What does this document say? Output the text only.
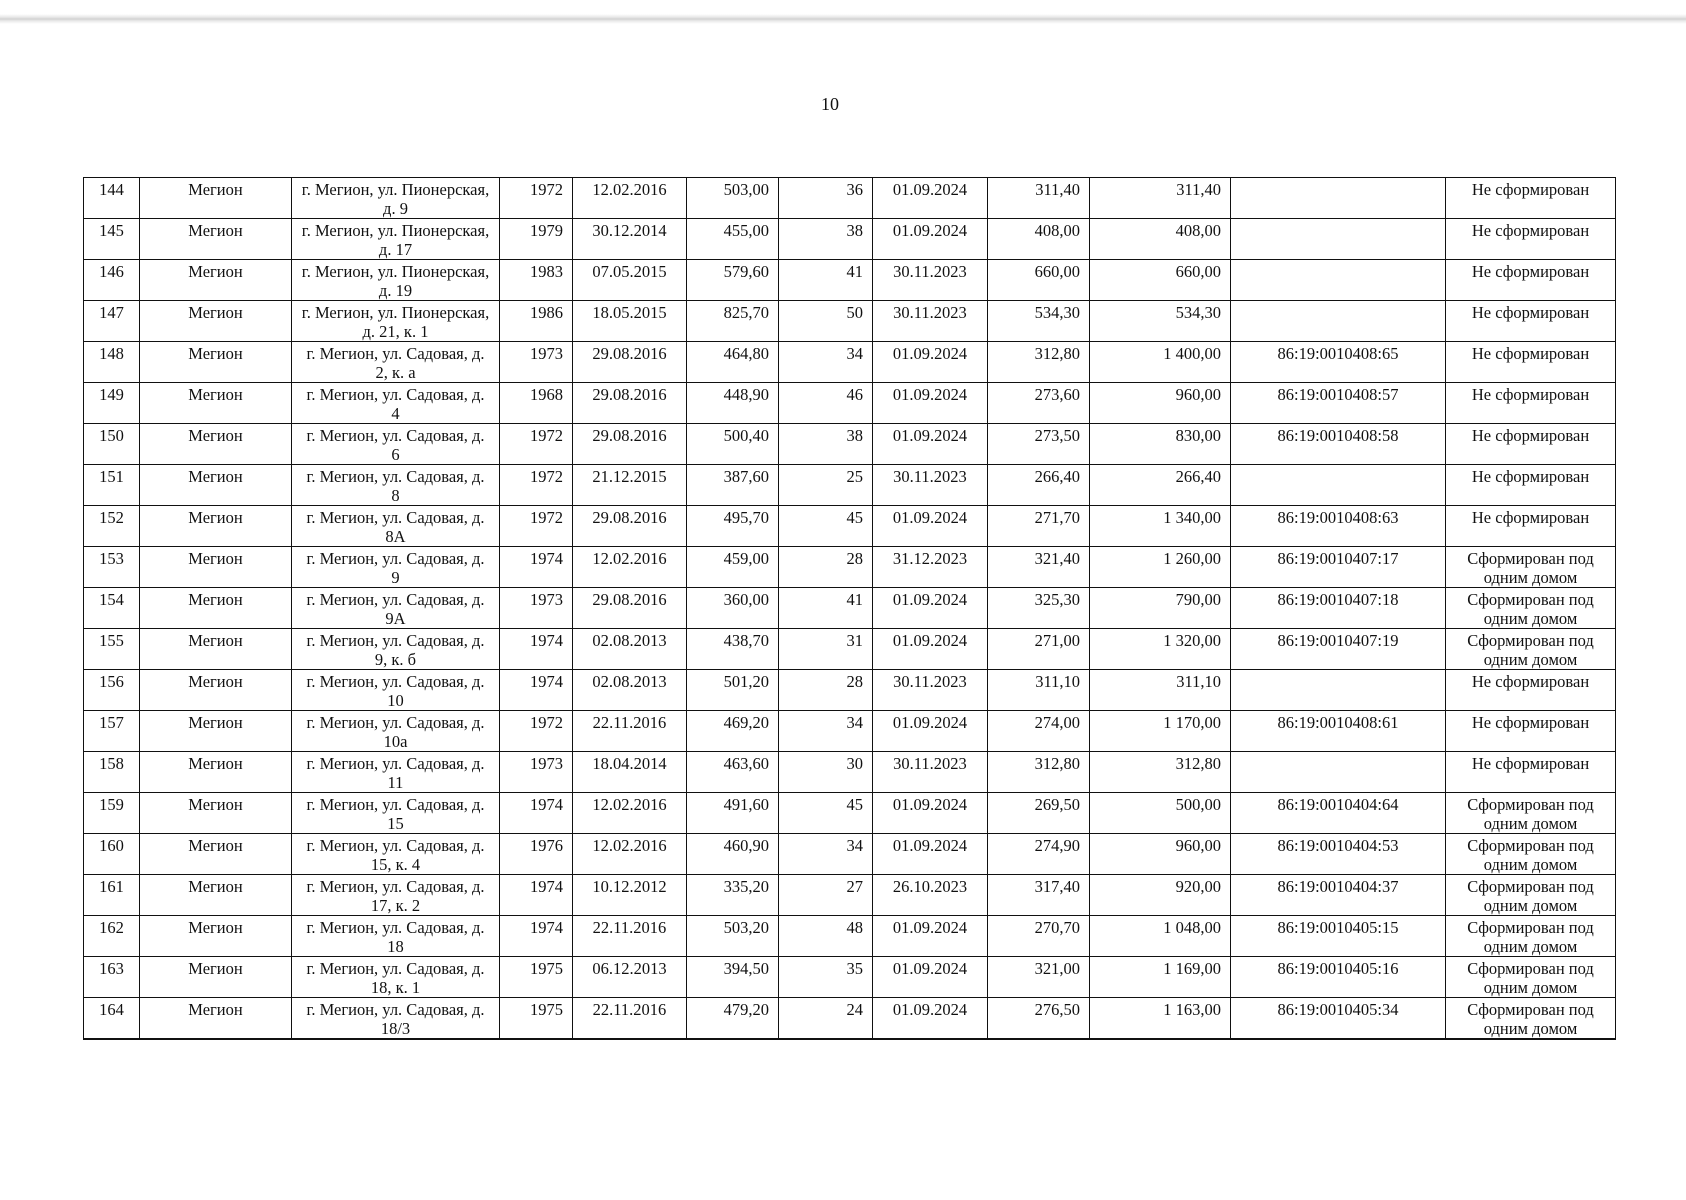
10
144	Мегион	г. Мегион, ул. Пионерская, д. 9	1972	12.02.2016	503,00	36	01.09.2024	311,40	311,40		Не сформирован
145	Мегион	г. Мегион, ул. Пионерская, д. 17	1979	30.12.2014	455,00	38	01.09.2024	408,00	408,00		Не сформирован
146	Мегион	г. Мегион, ул. Пионерская, д. 19	1983	07.05.2015	579,60	41	30.11.2023	660,00	660,00		Не сформирован
147	Мегион	г. Мегион, ул. Пионерская, д. 21, к. 1	1986	18.05.2015	825,70	50	30.11.2023	534,30	534,30		Не сформирован
148	Мегион	г. Мегион, ул. Садовая, д. 2, к. а	1973	29.08.2016	464,80	34	01.09.2024	312,80	1 400,00	86:19:0010408:65	Не сформирован
149	Мегион	г. Мегион, ул. Садовая, д. 4	1968	29.08.2016	448,90	46	01.09.2024	273,60	960,00	86:19:0010408:57	Не сформирован
150	Мегион	г. Мегион, ул. Садовая, д. 6	1972	29.08.2016	500,40	38	01.09.2024	273,50	830,00	86:19:0010408:58	Не сформирован
151	Мегион	г. Мегион, ул. Садовая, д. 8	1972	21.12.2015	387,60	25	30.11.2023	266,40	266,40		Не сформирован
152	Мегион	г. Мегион, ул. Садовая, д. 8А	1972	29.08.2016	495,70	45	01.09.2024	271,70	1 340,00	86:19:0010408:63	Не сформирован
153	Мегион	г. Мегион, ул. Садовая, д. 9	1974	12.02.2016	459,00	28	31.12.2023	321,40	1 260,00	86:19:0010407:17	Сформирован под одним домом
154	Мегион	г. Мегион, ул. Садовая, д. 9А	1973	29.08.2016	360,00	41	01.09.2024	325,30	790,00	86:19:0010407:18	Сформирован под одним домом
155	Мегион	г. Мегион, ул. Садовая, д. 9, к. б	1974	02.08.2013	438,70	31	01.09.2024	271,00	1 320,00	86:19:0010407:19	Сформирован под одним домом
156	Мегион	г. Мегион, ул. Садовая, д. 10	1974	02.08.2013	501,20	28	30.11.2023	311,10	311,10		Не сформирован
157	Мегион	г. Мегион, ул. Садовая, д. 10а	1972	22.11.2016	469,20	34	01.09.2024	274,00	1 170,00	86:19:0010408:61	Не сформирован
158	Мегион	г. Мегион, ул. Садовая, д. 11	1973	18.04.2014	463,60	30	30.11.2023	312,80	312,80		Не сформирован
159	Мегион	г. Мегион, ул. Садовая, д. 15	1974	12.02.2016	491,60	45	01.09.2024	269,50	500,00	86:19:0010404:64	Сформирован под одним домом
160	Мегион	г. Мегион, ул. Садовая, д. 15, к. 4	1976	12.02.2016	460,90	34	01.09.2024	274,90	960,00	86:19:0010404:53	Сформирован под одним домом
161	Мегион	г. Мегион, ул. Садовая, д. 17, к. 2	1974	10.12.2012	335,20	27	26.10.2023	317,40	920,00	86:19:0010404:37	Сформирован под одним домом
162	Мегион	г. Мегион, ул. Садовая, д. 18	1974	22.11.2016	503,20	48	01.09.2024	270,70	1 048,00	86:19:0010405:15	Сформирован под одним домом
163	Мегион	г. Мегион, ул. Садовая, д. 18, к. 1	1975	06.12.2013	394,50	35	01.09.2024	321,00	1 169,00	86:19:0010405:16	Сформирован под одним домом
164	Мегион	г. Мегион, ул. Садовая, д. 18/3	1975	22.11.2016	479,20	24	01.09.2024	276,50	1 163,00	86:19:0010405:34	Сформирован под одним домом
